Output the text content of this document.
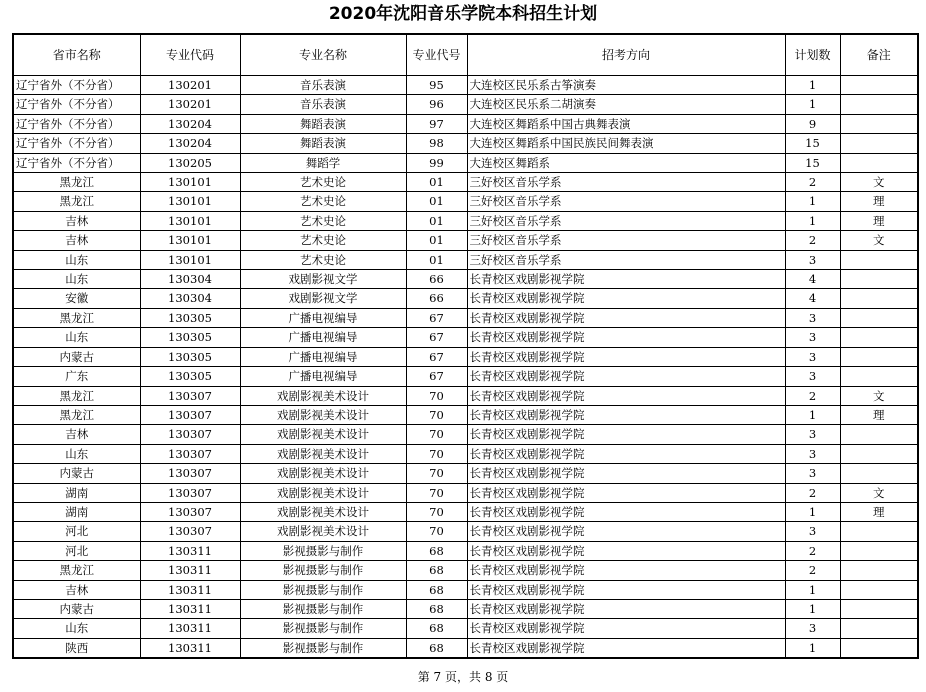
2020年沈阳音乐学院本科招生计划
省市名称	专业代码	专业名称	专业代号	招考方向	计划数	备注
辽宁省外（不分省）	130201	音乐表演	95	大连校区民乐系古筝演奏	1	
辽宁省外（不分省）	130201	音乐表演	96	大连校区民乐系二胡演奏	1	
辽宁省外（不分省）	130204	舞蹈表演	97	大连校区舞蹈系中国古典舞表演	9	
辽宁省外（不分省）	130204	舞蹈表演	98	大连校区舞蹈系中国民族民间舞表演	15	
辽宁省外（不分省）	130205	舞蹈学	99	大连校区舞蹈系	15	
黑龙江	130101	艺术史论	01	三好校区音乐学系	2	文
黑龙江	130101	艺术史论	01	三好校区音乐学系	1	理
吉林	130101	艺术史论	01	三好校区音乐学系	1	理
吉林	130101	艺术史论	01	三好校区音乐学系	2	文
山东	130101	艺术史论	01	三好校区音乐学系	3	
山东	130304	戏剧影视文学	66	长青校区戏剧影视学院	4	
安徽	130304	戏剧影视文学	66	长青校区戏剧影视学院	4	
黑龙江	130305	广播电视编导	67	长青校区戏剧影视学院	3	
山东	130305	广播电视编导	67	长青校区戏剧影视学院	3	
内蒙古	130305	广播电视编导	67	长青校区戏剧影视学院	3	
广东	130305	广播电视编导	67	长青校区戏剧影视学院	3	
黑龙江	130307	戏剧影视美术设计	70	长青校区戏剧影视学院	2	文
黑龙江	130307	戏剧影视美术设计	70	长青校区戏剧影视学院	1	理
吉林	130307	戏剧影视美术设计	70	长青校区戏剧影视学院	3	
山东	130307	戏剧影视美术设计	70	长青校区戏剧影视学院	3	
内蒙古	130307	戏剧影视美术设计	70	长青校区戏剧影视学院	3	
湖南	130307	戏剧影视美术设计	70	长青校区戏剧影视学院	2	文
湖南	130307	戏剧影视美术设计	70	长青校区戏剧影视学院	1	理
河北	130307	戏剧影视美术设计	70	长青校区戏剧影视学院	3	
河北	130311	影视摄影与制作	68	长青校区戏剧影视学院	2	
黑龙江	130311	影视摄影与制作	68	长青校区戏剧影视学院	2	
吉林	130311	影视摄影与制作	68	长青校区戏剧影视学院	1	
内蒙古	130311	影视摄影与制作	68	长青校区戏剧影视学院	1	
山东	130311	影视摄影与制作	68	长青校区戏剧影视学院	3	
陕西	130311	影视摄影与制作	68	长青校区戏剧影视学院	1	
第 7 页，共 8 页
